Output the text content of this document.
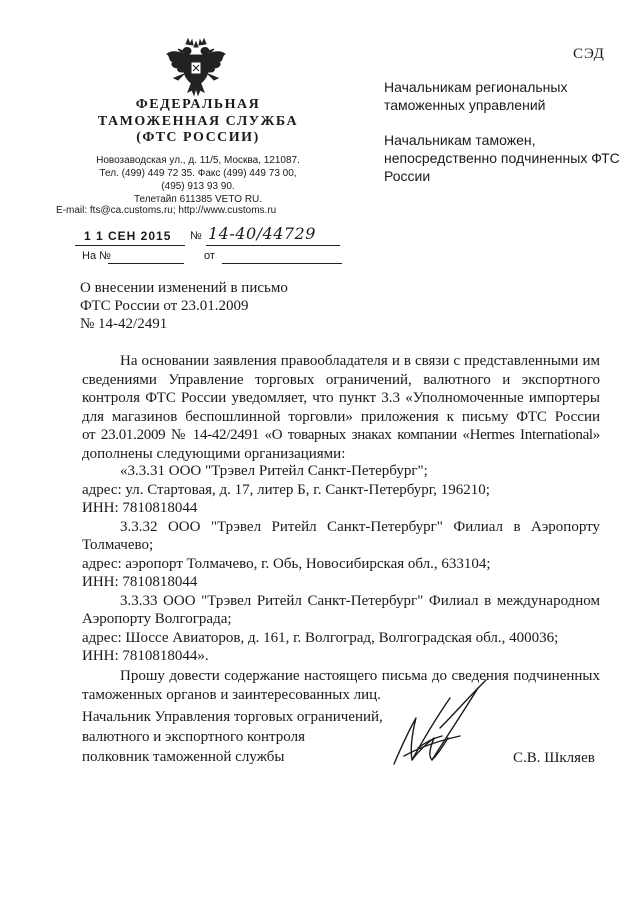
СЭД
ФЕДЕРАЛЬНАЯ
ТАМОЖЕННАЯ СЛУЖБА
(ФТС РОССИИ)
Новозаводская ул., д. 11/5, Москва, 121087.
Тел. (499) 449 72 35. Факс (499) 449 73 00,
(495) 913 93 90.
Телетайп 611385 VETO RU.
E-mail: fts@ca.customs.ru; http://www.customs.ru
1 1 СЕН 2015 № 14-40/44729
На №	от
Начальникам региональных таможенных управлений
Начальникам таможен, непосредственно подчиненных ФТС России
О внесении изменений в письмо
ФТС России от 23.01.2009
№ 14-42/2491
На основании заявления правообладателя и в связи с представленными им
сведениями Управление торговых ограничений, валютного и экспортного
контроля ФТС России уведомляет, что пункт 3.3 «Уполномоченные импортеры
для магазинов беспошлинной торговли» приложения к письму ФТС России
от 23.01.2009 № 14-42/2491 «О товарных знаках компании «Hermes International»
дополнены следующими организациями:
«3.3.31 ООО "Трэвел Ритейл Санкт-Петербург";
адрес: ул. Стартовая, д. 17, литер Б, г. Санкт-Петербург, 196210;
ИНН: 7810818044
3.3.32 ООО "Трэвел Ритейл Санкт-Петербург" Филиал в Аэропорту
Толмачево;
адрес: аэропорт Толмачево, г. Обь, Новосибирская обл., 633104;
ИНН: 7810818044
3.3.33 ООО "Трэвел Ритейл Санкт-Петербург" Филиал в международном
Аэропорту Волгограда;
адрес: Шоссе Авиаторов, д. 161, г. Волгоград, Волгоградская обл., 400036;
ИНН: 7810818044».
Прошу довести содержание настоящего письма до сведения подчиненных
таможенных органов и заинтересованных лиц.
Начальник Управления торговых ограничений,
валютного и экспортного контроля
полковник таможенной службы	С.В. Шкляев
